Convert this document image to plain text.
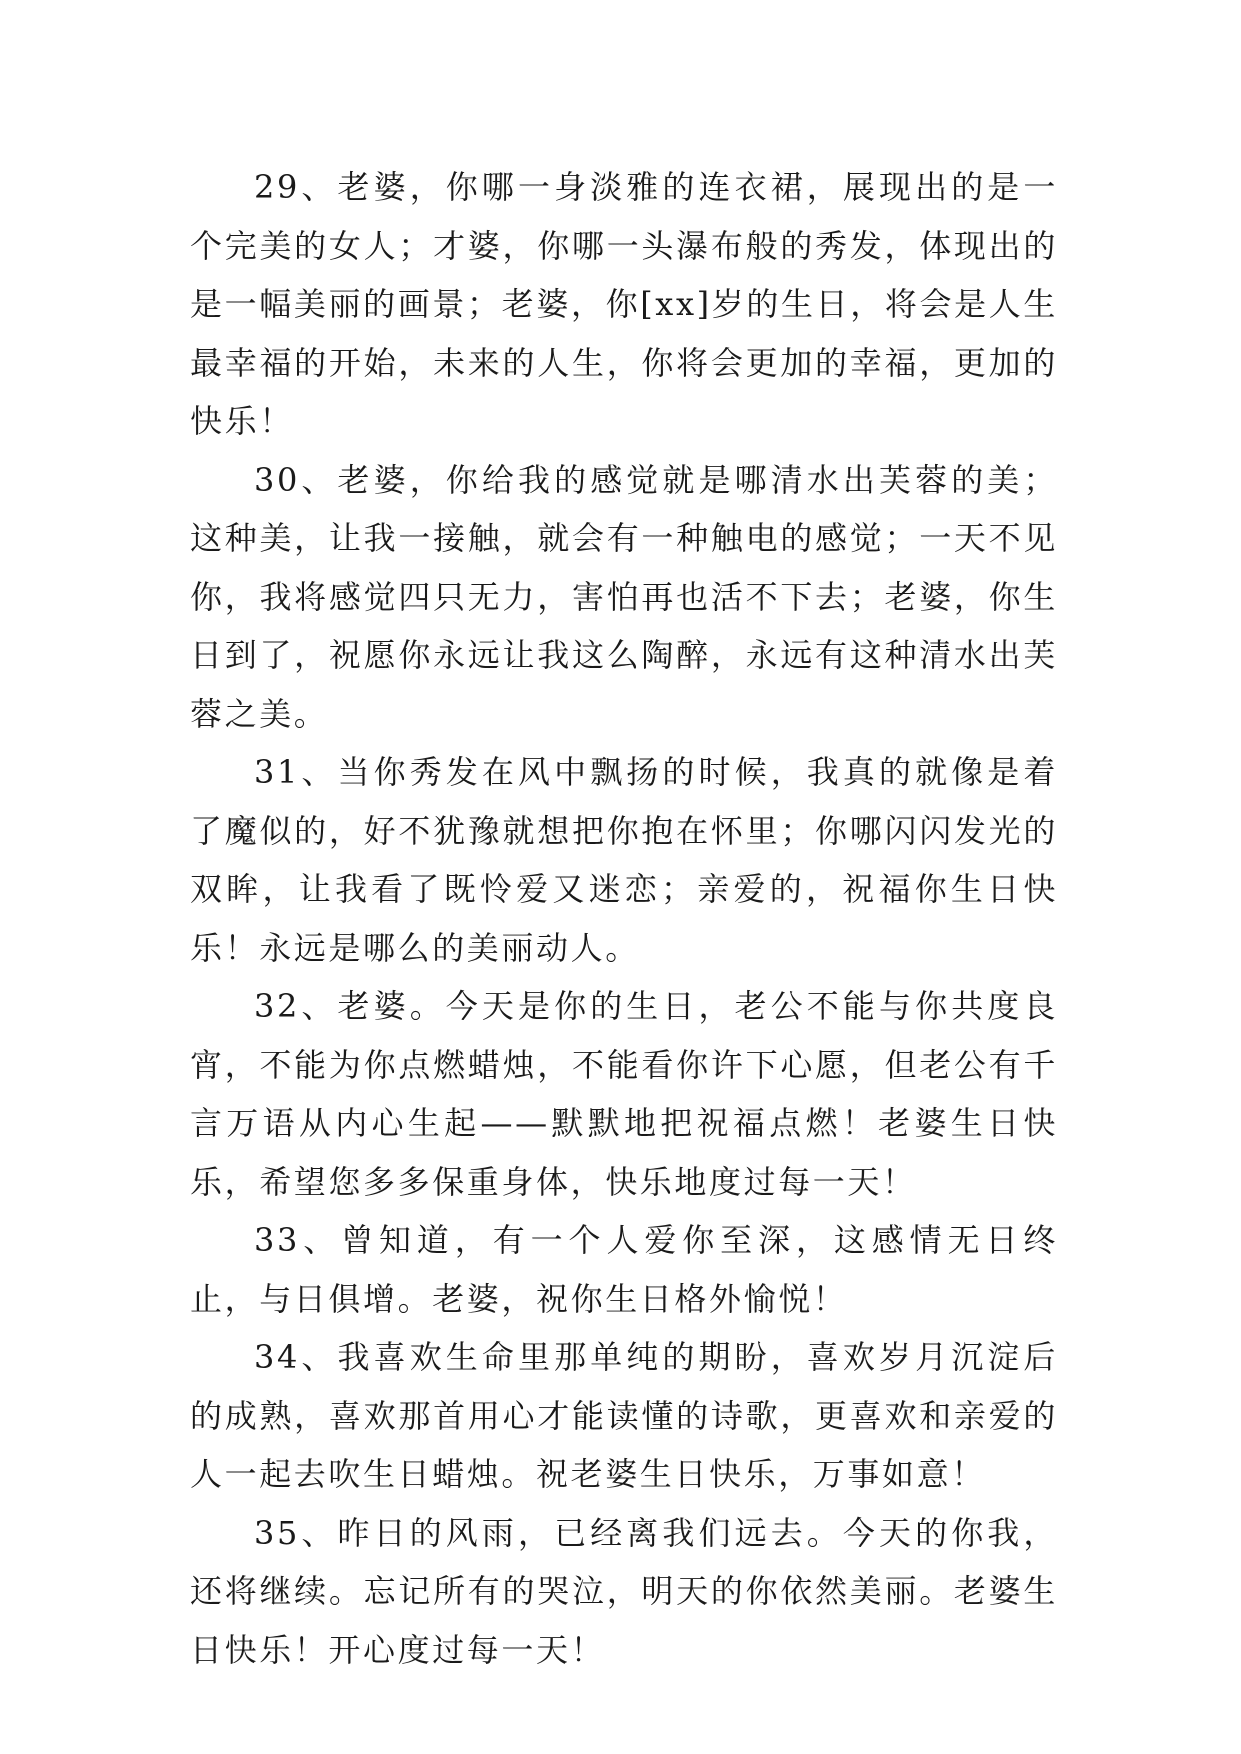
29、老婆，你哪一身淡雅的连衣裙，展现出的是一个完美的女人；才婆，你哪一头瀑布般的秀发，体现出的是一幅美丽的画景；老婆，你[xx]岁的生日，将会是人生最幸福的开始，未来的人生，你将会更加的幸福，更加的快乐！

30、老婆，你给我的感觉就是哪清水出芙蓉的美；这种美，让我一接触，就会有一种触电的感觉；一天不见你，我将感觉四只无力，害怕再也活不下去；老婆，你生日到了，祝愿你永远让我这么陶醉，永远有这种清水出芙蓉之美。

31、当你秀发在风中飘扬的时候，我真的就像是着了魔似的，好不犹豫就想把你抱在怀里；你哪闪闪发光的双眸，让我看了既怜爱又迷恋；亲爱的，祝福你生日快乐！永远是哪么的美丽动人。

32、老婆。今天是你的生日，老公不能与你共度良宵，不能为你点燃蜡烛，不能看你许下心愿，但老公有千言万语从内心生起——默默地把祝福点燃！老婆生日快乐，希望您多多保重身体，快乐地度过每一天！

33、曾知道，有一个人爱你至深，这感情无日终止，与日俱增。老婆，祝你生日格外愉悦！

34、我喜欢生命里那单纯的期盼，喜欢岁月沉淀后的成熟，喜欢那首用心才能读懂的诗歌，更喜欢和亲爱的人一起去吹生日蜡烛。祝老婆生日快乐，万事如意！

35、昨日的风雨，已经离我们远去。今天的你我，还将继续。忘记所有的哭泣，明天的你依然美丽。老婆生日快乐！开心度过每一天！
